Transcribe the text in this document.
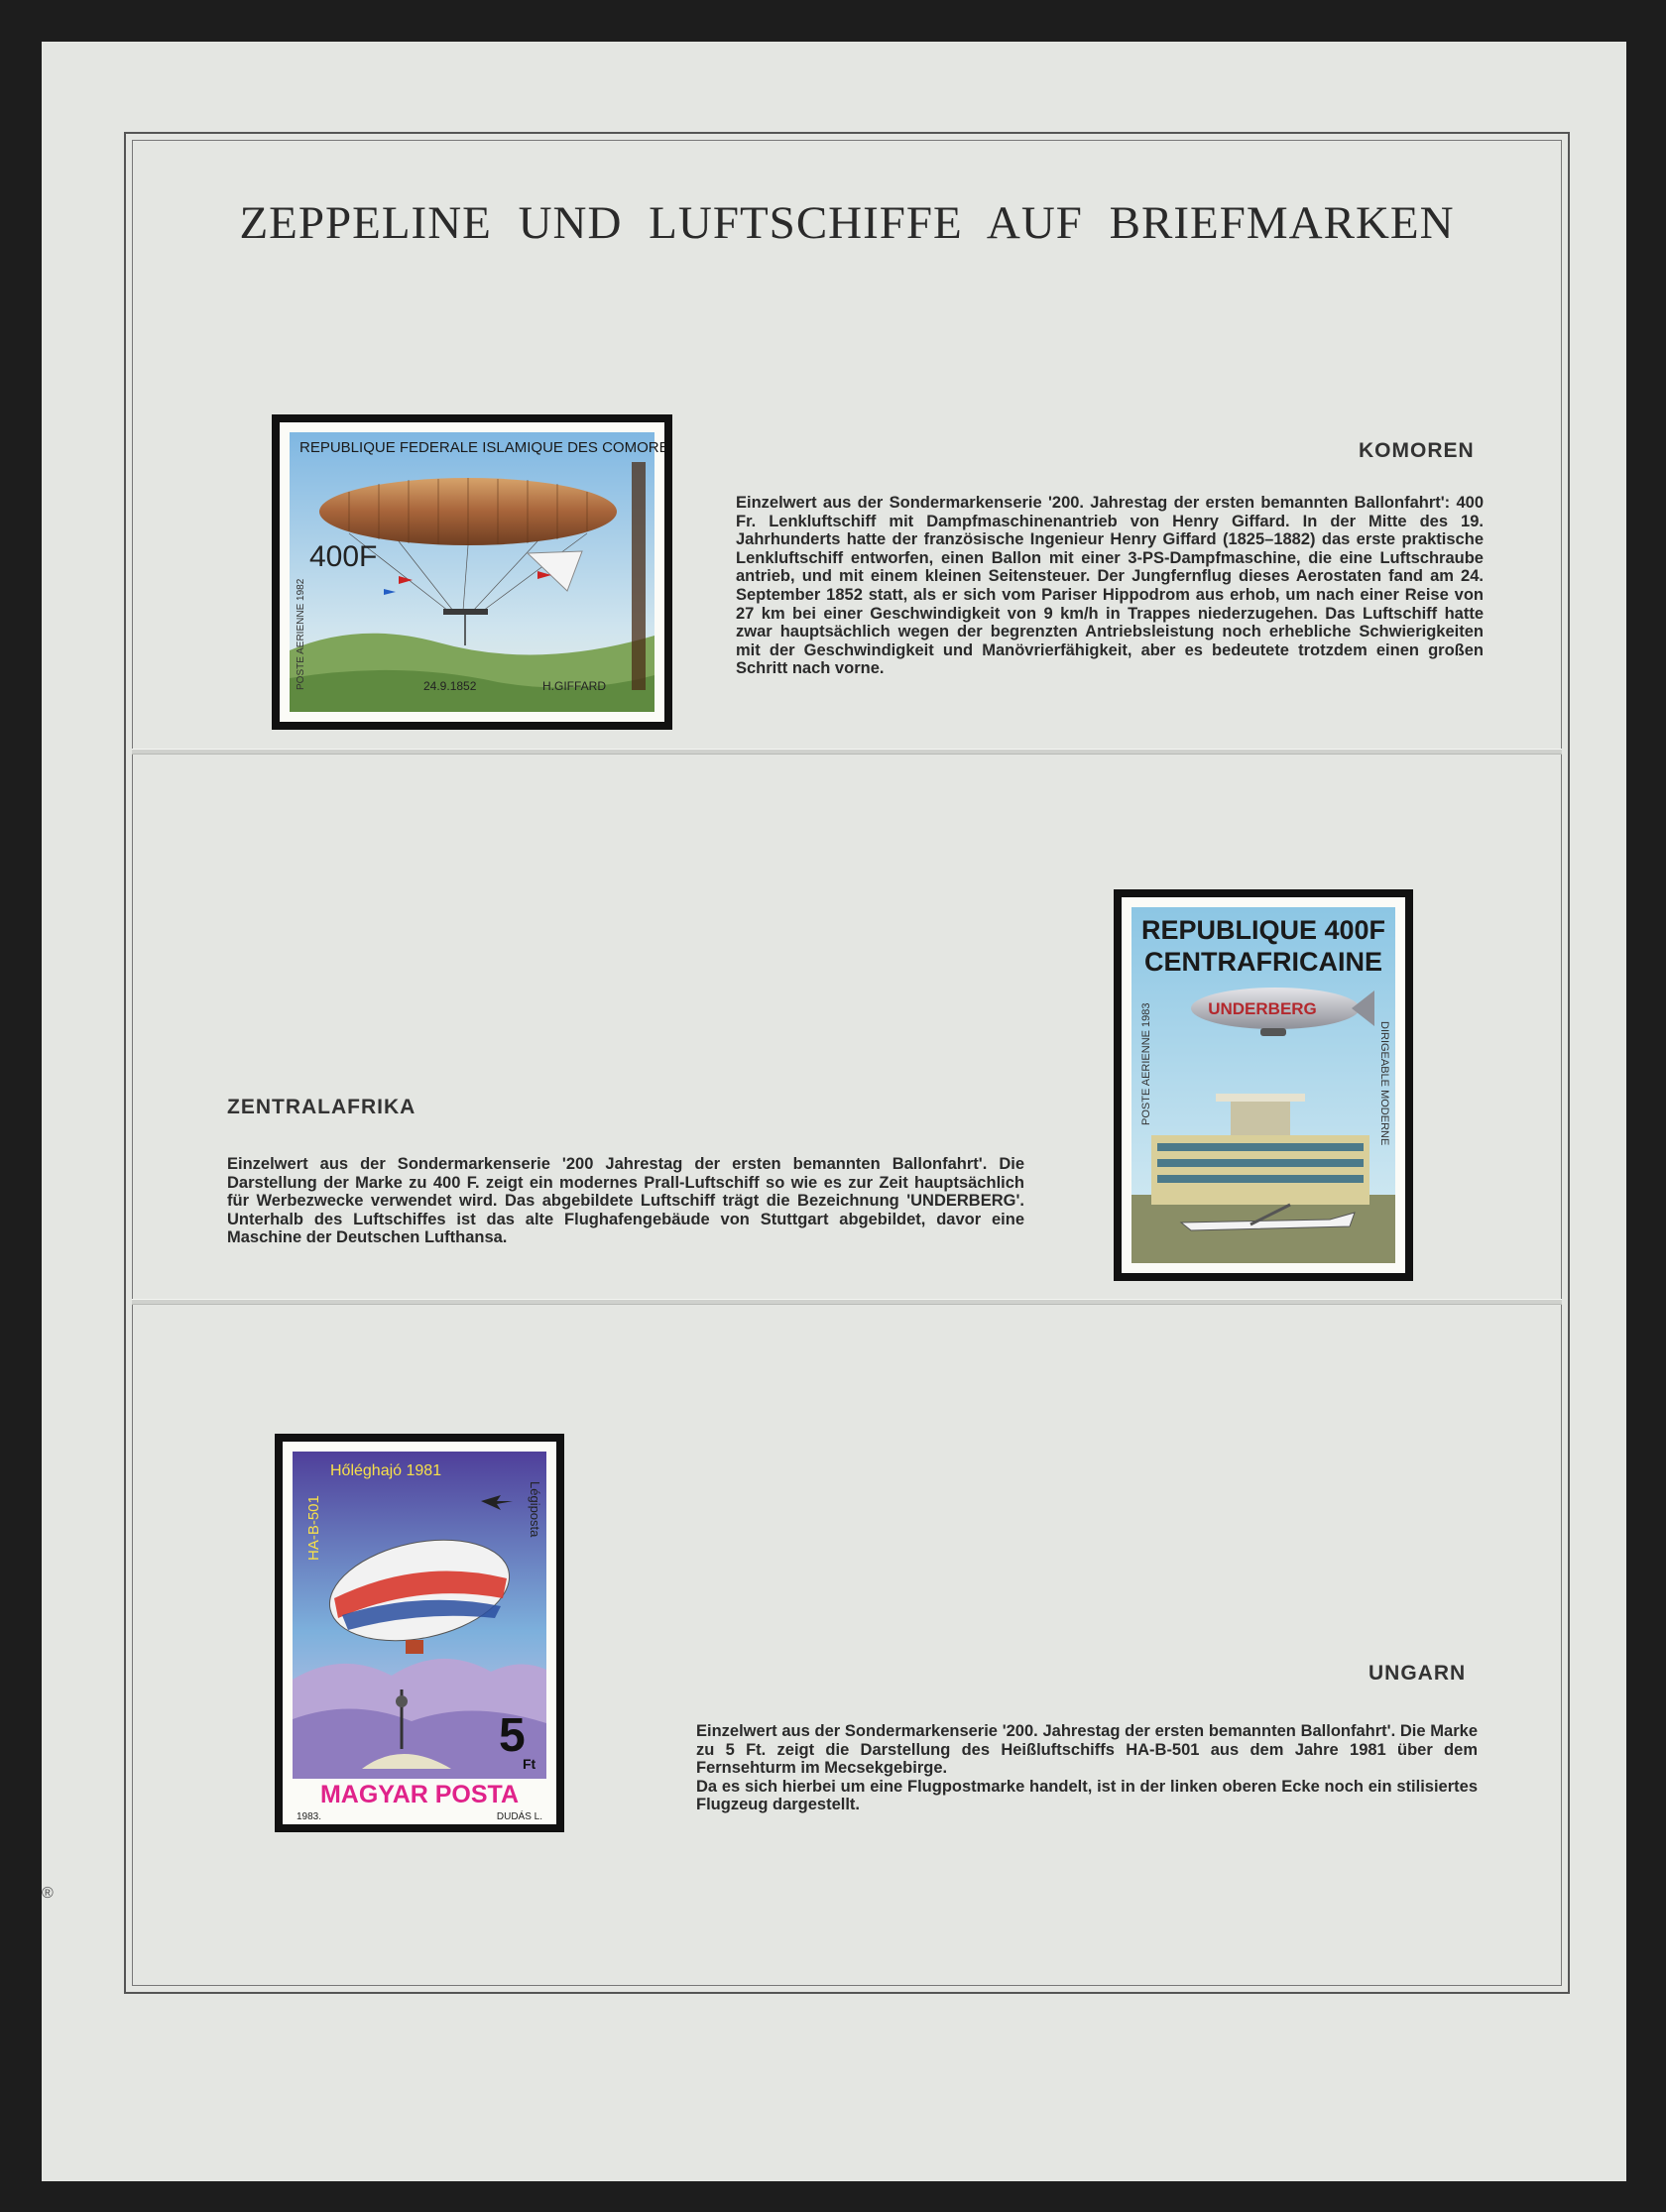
ZEPPELINE UND LUFTSCHIFFE AUF BRIEFMARKEN
REPUBLIQUE FEDERALE ISLAMIQUE DES COMORES
400F
POSTE AERIENNE 1982	24.9.1852	H.GIFFARD
KOMOREN

Einzelwert aus der Sondermarkenserie '200. Jahrestag der ersten bemannten Ballonfahrt': 400 Fr. Lenkluftschiff mit Dampfmaschinenantrieb von Henry Giffard. In der Mitte des 19. Jahrhunderts hatte der französische Ingenieur Henry Giffard (1825–1882) das erste praktische Lenkluftschiff entworfen, einen Ballon mit einer 3-PS-Dampfmaschine, die eine Luftschraube antrieb, und mit einem kleinen Seitensteuer. Der Jungfernflug dieses Aerostaten fand am 24. September 1852 statt, als er sich vom Pariser Hippodrom aus erhob, um nach einer Reise von 27 km bei einer Geschwindigkeit von 9 km/h in Trappes niederzugehen. Das Luftschiff hatte zwar hauptsächlich wegen der begrenzten Antriebsleistung noch erhebliche Schwierigkeiten mit der Geschwindigkeit und Manövrierfähigkeit, aber es bedeutete trotzdem einen großen Schritt nach vorne.

REPUBLIQUE 400F
CENTRAFRICAINE
UNDERBERG
POSTE AERIENNE 1983	DIRIGEABLE MODERNE
ZENTRALAFRIKA

Einzelwert aus der Sondermarkenserie '200 Jahrestag der ersten bemannten Ballonfahrt'. Die Darstellung der Marke zu 400 F. zeigt ein modernes Prall-Luftschiff so wie es zur Zeit hauptsächlich für Werbezwecke verwendet wird. Das abgebildete Luftschiff trägt die Bezeichnung 'UNDERBERG'. Unterhalb des Luftschiffes ist das alte Flughafengebäude von Stuttgart abgebildet, davor eine Maschine der Deutschen Lufthansa.

Hőléghajó 1981
HA-B-501	Légiposta
5
Ft
MAGYAR POSTA
1983.	DUDÁS L.
UNGARN

Einzelwert aus der Sondermarkenserie '200. Jahrestag der ersten bemannten Ballonfahrt'. Die Marke zu 5 Ft. zeigt die Darstellung des Heißluftschiffs HA-B-501 aus dem Jahre 1981 über dem Fernsehturm im Mecsekgebirge.

Da es sich hierbei um eine Flugpostmarke handelt, ist in der linken oberen Ecke noch ein stilisiertes Flugzeug dargestellt.

®
